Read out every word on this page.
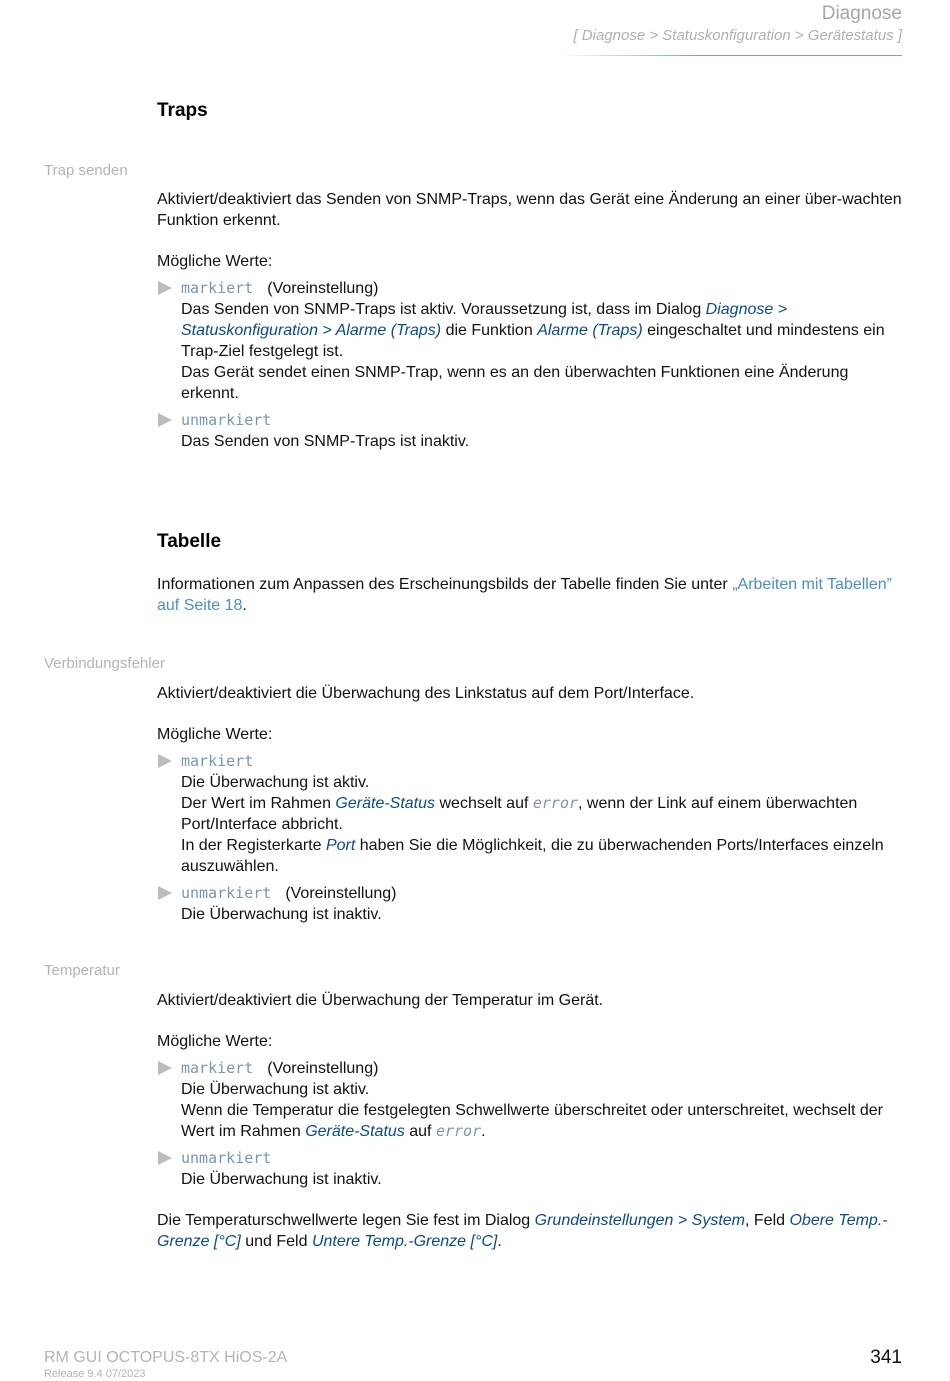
Diagnose
[ Diagnose > Statuskonfiguration > Gerätestatus ]
Traps
Trap senden

Aktiviert/deaktiviert das Senden von SNMP-Traps, wenn das Gerät eine Änderung an einer über-wachten Funktion erkennt.

Mögliche Werte:

markiert (Voreinstellung)
Das Senden von SNMP-Traps ist aktiv. Voraussetzung ist, dass im Dialog Diagnose > Statuskonfiguration > Alarme (Traps) die Funktion Alarme (Traps) eingeschaltet und mindestens ein Trap-Ziel festgelegt ist.
Das Gerät sendet einen SNMP-Trap, wenn es an den überwachten Funktionen eine Änderung erkennt.
unmarkiert
Das Senden von SNMP-Traps ist inaktiv.
Tabelle

Informationen zum Anpassen des Erscheinungsbilds der Tabelle finden Sie unter „Arbeiten mit Tabellen” auf Seite 18.

Verbindungsfehler

Aktiviert/deaktiviert die Überwachung des Linkstatus auf dem Port/Interface.

Mögliche Werte:

markiert
Die Überwachung ist aktiv.
Der Wert im Rahmen Geräte-Status wechselt auf error, wenn der Link auf einem überwachten Port/Interface abbricht.
In der Registerkarte Port haben Sie die Möglichkeit, die zu überwachenden Ports/Interfaces einzeln auszuwählen.
unmarkiert (Voreinstellung)
Die Überwachung ist inaktiv.
Temperatur

Aktiviert/deaktiviert die Überwachung der Temperatur im Gerät.

Mögliche Werte:

markiert (Voreinstellung)
Die Überwachung ist aktiv.
Wenn die Temperatur die festgelegten Schwellwerte überschreitet oder unterschreitet, wechselt der Wert im Rahmen Geräte-Status auf error.
unmarkiert
Die Überwachung ist inaktiv.

Die Temperaturschwellwerte legen Sie fest im Dialog Grundeinstellungen > System, Feld Obere Temp.-Grenze [°C] und Feld Untere Temp.-Grenze [°C].

RM GUI OCTOPUS-8TX HiOS-2A
Release 9.4 07/2023
341
